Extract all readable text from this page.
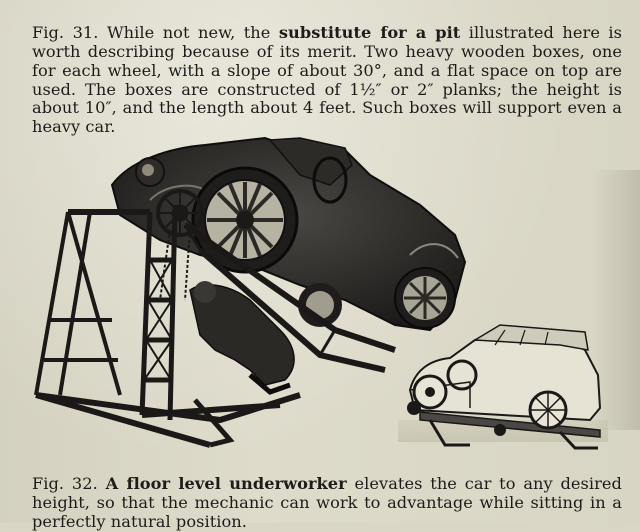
Fig. 31. While not new, the substitute for a pit illustrated here is worth describing because of its merit. Two heavy wooden boxes, one for each wheel, with a slope of about 30°, and a flat space on top are used. The boxes are constructed of 1½″ or 2″ planks; the height is about 10″, and the length about 4 feet. Such boxes will support even a heavy car.

Fig. 32. A floor level underworker elevates the car to any desired height, so that the mechanic can work to advantage while sitting in a perfectly natural position.
